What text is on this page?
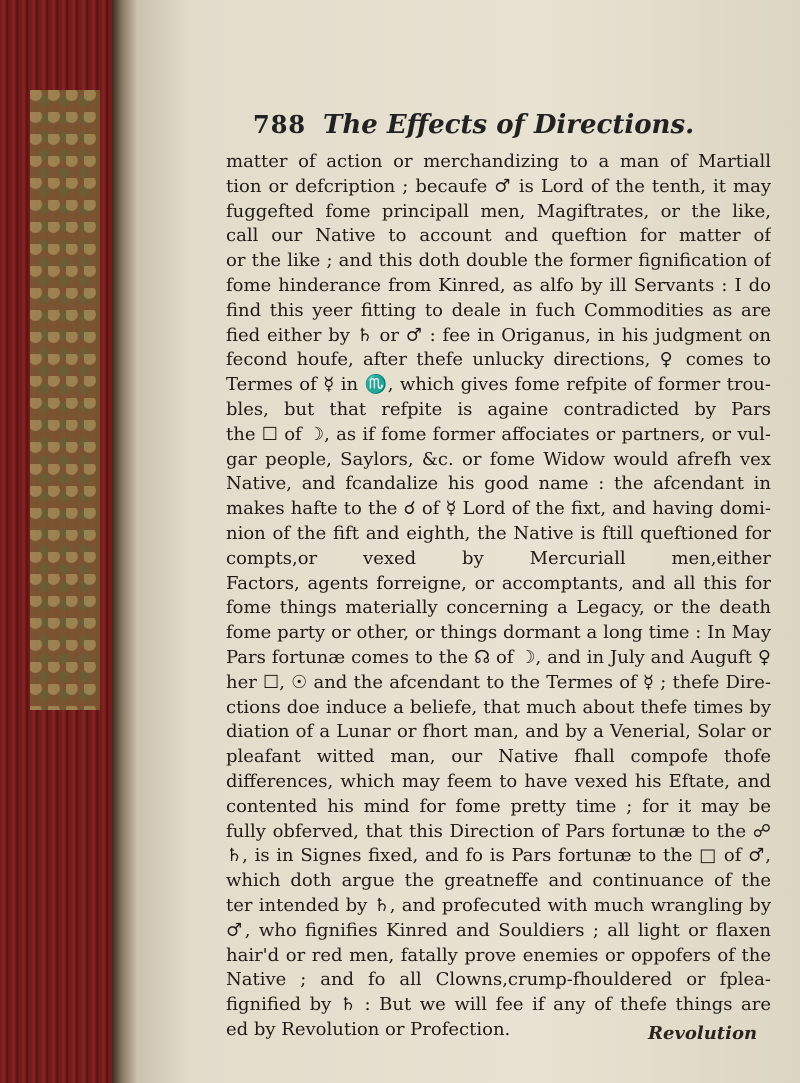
788 The Effects of Directions.
matter of action or merchandizing to a man of Martiall
tion or defcription ; becaufe ♂ is Lord of the tenth, it may
fuggefted fome principall men, Magiftrates, or the like,
call our Native to account and queftion for matter of
or the like ; and this doth double the former fignification of
fome hinderance from Kinred, as alfo by ill Servants : I do
find this yeer fitting to deale in fuch Commodities as are
fied either by ♄ or ♂ : fee in Origanus, in his judgment on
fecond houfe, after thefe unlucky directions, ♀ comes to
Termes of ☿ in ♏, which gives fome refpite of former trou-
bles, but that refpite is againe contradicted by Pars
the ☐ of ☽, as if fome former affociates or partners, or vul-
gar people, Saylors, &c. or fome Widow would afrefh vex
Native, and fcandalize his good name : the afcendant in
makes hafte to the ☌ of ☿ Lord of the fixt, and having domi-
nion of the fift and eighth, the Native is ftill queftioned for
compts,or vexed by Mercuriall men,either
Factors, agents forreigne, or accomptants, and all this for
fome things materially concerning a Legacy, or the death
fome party or other, or things dormant a long time : In May
Pars fortunæ comes to the ☊ of ☽, and in July and Auguft ♀
her ☐, ☉ and the afcendant to the Termes of ☿ ; thefe Dire-
ctions doe induce a beliefe, that much about thefe times by
diation of a Lunar or fhort man, and by a Venerial, Solar or
pleafant witted man, our Native fhall compofe thofe
differences, which may feem to have vexed his Eftate, and
contented his mind for fome pretty time ; for it may be
fully obferved, that this Direction of Pars fortunæ to the ☍
♄, is in Signes fixed, and fo is Pars fortunæ to the □ of ♂,
which doth argue the greatneffe and continuance of the
ter intended by ♄, and profecuted with much wrangling by
♂, who fignifies Kinred and Souldiers ; all light or flaxen
hair'd or red men, fatally prove enemies or oppofers of the
Native ; and fo all Clowns,crump-fhouldered or fplea-
fignified by ♄ : But we will fee if any of thefe things are
ed by Revolution or Profection.	Revolution
